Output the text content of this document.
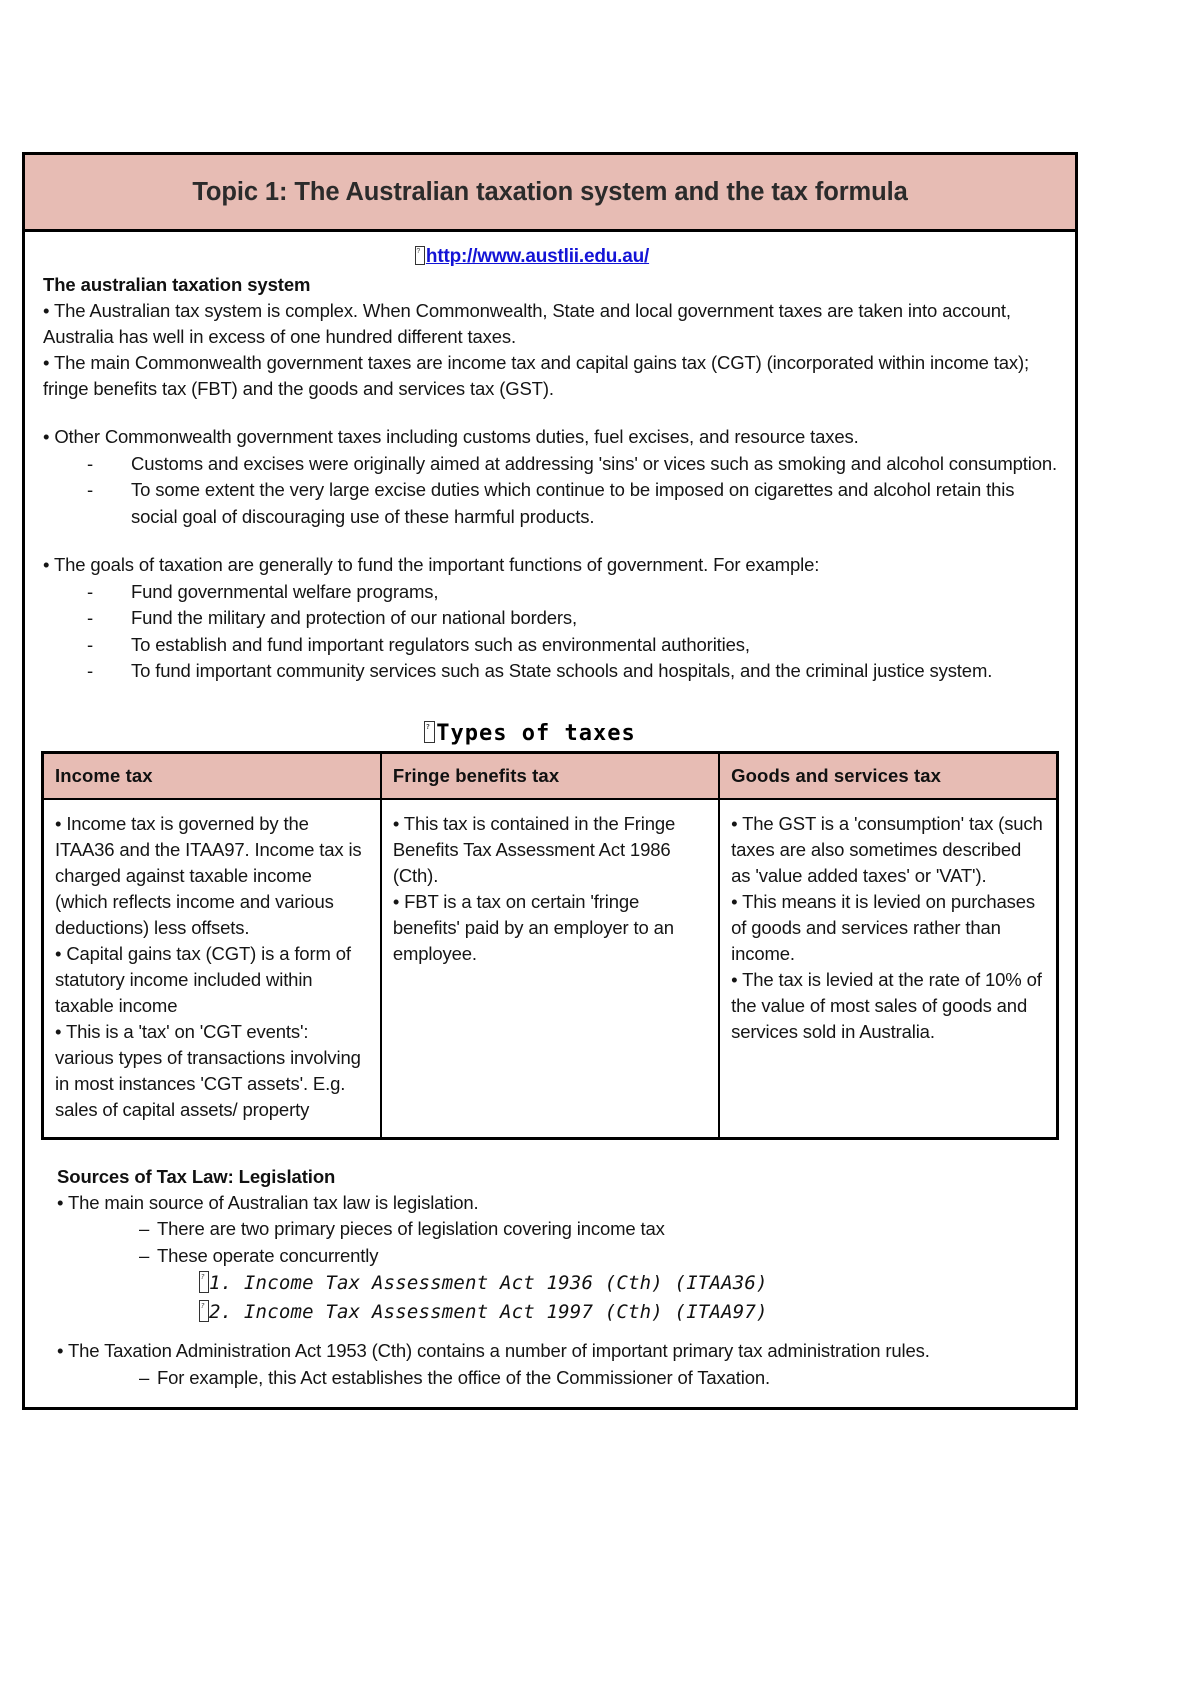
Topic 1: The Australian taxation system and the tax formula
?http://www.austlii.edu.au/
The australian taxation system
• The Australian tax system is complex. When Commonwealth, State and local government taxes are taken into account, Australia has well in excess of one hundred different taxes.
• The main Commonwealth government taxes are income tax and capital gains tax (CGT) (incorporated within income tax); fringe benefits tax (FBT) and the goods and services tax (GST).
• Other Commonwealth government taxes including customs duties, fuel excises, and resource taxes.
- Customs and excises were originally aimed at addressing 'sins' or vices such as smoking and alcohol consumption.
- To some extent the very large excise duties which continue to be imposed on cigarettes and alcohol retain this social goal of discouraging use of these harmful products.
• The goals of taxation are generally to fund the important functions of government. For example:
- Fund governmental welfare programs,
- Fund the military and protection of our national borders,
- To establish and fund important regulators such as environmental authorities,
- To fund important community services such as State schools and hospitals, and the criminal justice system.
?Types of taxes
Income tax	Fringe benefits tax	Goods and services tax

• Income tax is governed by the ITAA36 and the ITAA97. Income tax is charged against taxable income (which reflects income and various deductions) less offsets.
• Capital gains tax (CGT) is a form of statutory income included within taxable income
• This is a 'tax' on 'CGT events': various types of transactions involving in most instances 'CGT assets'. E.g. sales of capital assets/ property

• This tax is contained in the Fringe Benefits Tax Assessment Act 1986 (Cth).
• FBT is a tax on certain 'fringe benefits' paid by an employer to an employee.

• The GST is a 'consumption' tax (such taxes are also sometimes described as 'value added taxes' or 'VAT').
• This means it is levied on purchases of goods and services rather than income.
• The tax is levied at the rate of 10% of the value of most sales of goods and services sold in Australia.
Sources of Tax Law: Legislation
• The main source of Australian tax law is legislation.
– There are two primary pieces of legislation covering income tax
– These operate concurrently
?1. Income Tax Assessment Act 1936 (Cth) (ITAA36)
?2. Income Tax Assessment Act 1997 (Cth) (ITAA97)
• The Taxation Administration Act 1953 (Cth) contains a number of important primary tax administration rules.
– For example, this Act establishes the office of the Commissioner of Taxation.
